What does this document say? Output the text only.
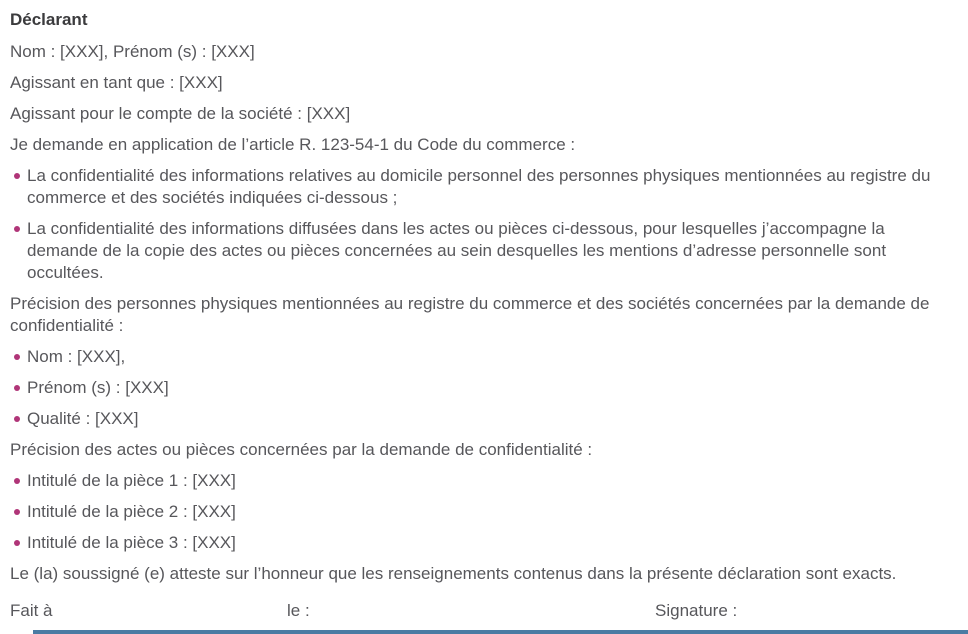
Déclarant

Nom : [XXX], Prénom (s) : [XXX]

Agissant en tant que : [XXX]

Agissant pour le compte de la société : [XXX]

Je demande en application de l’article R. 123-54-1 du Code du commerce :

La confidentialité des informations relatives au domicile personnel des personnes physiques mentionnées au registre du commerce et des sociétés indiquées ci-dessous ;
La confidentialité des informations diffusées dans les actes ou pièces ci-dessous, pour lesquelles j’accompagne la demande de la copie des actes ou pièces concernées au sein desquelles les mentions d’adresse personnelle sont occultées.

Précision des personnes physiques mentionnées au registre du commerce et des sociétés concernées par la demande de confidentialité :

Nom : [XXX],
Prénom (s) : [XXX]
Qualité : [XXX]

Précision des actes ou pièces concernées par la demande de confidentialité :

Intitulé de la pièce 1 : [XXX]
Intitulé de la pièce 2 : [XXX]
Intitulé de la pièce 3 : [XXX]

Le (la) soussigné (e) atteste sur l’honneur que les renseignements contenus dans la présente déclaration sont exacts.

Fait à	le :	Signature :
